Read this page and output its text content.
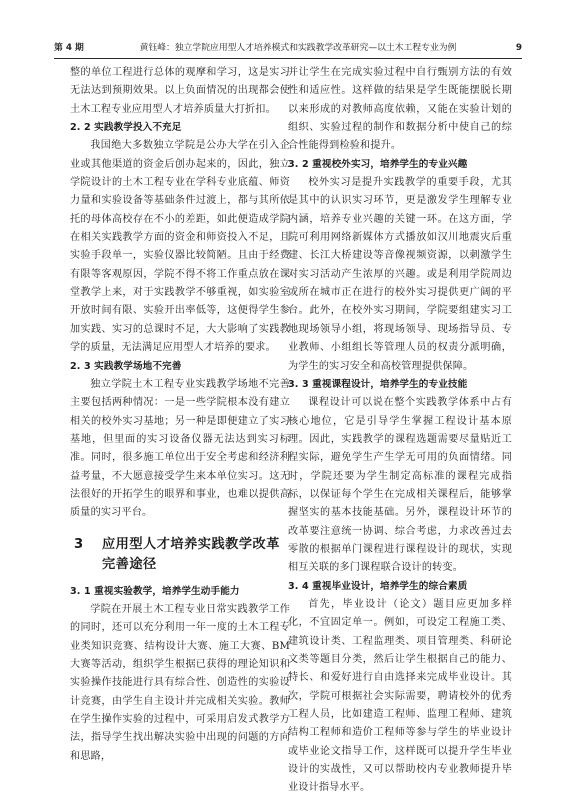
第 4 期	黄钰峰：独立学院应用型人才培养模式和实践教学改革研究—以土木工程专业为例	9

整的单位工程进行总体的观摩和学习，这是实习无法达到预期效果。以上负面情况的出现都会使土木工程专业应用型人才培养质量大打折扣。

2. 2 实践教学投入不充足

我国绝大多数独立学院是公办大学在引入企业或其他渠道的资金后创办起来的，因此，独立学院设计的土木工程专业在学科专业底蕴、师资力量和实验设备等基础条件过渡上，都与其所依托的母体高校存在不小的差距，如此便造成学院在相关实践教学方面的资金和师资投入不足，且实验手段单一，实验仪器比较简陋。且由于经费有限等客观原因，学院不得不将工作重点放在课堂教学上来，对于实践教学不够重视，如实验室开放时间有限、实验开出率低等，这便得学生参加实践、实习的总课时不足，大大影响了实践教学的质量，无法满足应用型人才培养的要求。

2. 3 实践教学场地不完善

独立学院土木工程专业实践教学场地不完善主要包括两种情况：一是一些学院根本没有建立相关的校外实习基地；另一种是即便建立了实习基地，但里面的实习设备仪器无法达到实习标准。同时，很多施工单位出于安全考虑和经济利益考量，不大愿意接受学生来本单位实习。这无法很好的开拓学生的眼界和事业，也难以提供高质量的实习平台。

3 应用型人才培养实践教学改革完善途径
3. 1 重视实验教学，培养学生动手能力

学院在开展土木工程专业日常实践教学工作的同时，还可以充分利用一年一度的土木工程专业类知识竞赛、结构设计大赛、施工大赛、BM 大赛等活动，组织学生根据已获得的理论知识和实验操作技能进行具有综合性、创造性的实验设计竞赛，由学生自主设计并完成相关实验。教师在学生操作实验的过程中，可采用启发式教学方法，指导学生找出解决实验中出现的问题的方向和思路，

并让学生在完成实验过程中自行甄别方法的有效性和适应性。这样做的结果是学生既能摆脱长期以来形成的对教师高度依赖，又能在实验计划的组织、实验过程的制作和数据分析中使自己的综合性能得到检验和提升。

3. 2 重视校外实习，培养学生的专业兴趣

校外实习是提升实践教学的重要手段，尤其是其中的认识实习环节，更是激发学生理解专业内涵，培养专业兴趣的关键一环。在这方面，学院可利用网络新媒体方式播放如汉川地震灾后重建、长江大桥建设等音像视频资源，以刺激学生对实习活动产生浓厚的兴趣。或是利用学院周边或所在城市正在进行的校外实习提供更广阔的平台。此外，在校外实习期间，学院要组建实习工地现场领导小组，将现场领导、现场指导员、专业教师、小组组长等管理人员的权责分派明确，为学生的实习安全和高校管理提供保障。

3. 3 重视课程设计，培养学生的专业技能

课程设计可以说在整个实践教学体系中占有核心地位，它是引导学生掌握工程设计基本原理。因此，实践教学的课程选题需要尽量贴近工程实际，避免学生产生学无可用的负面情绪。同时，学院还要为学生制定高标准的课程完成指标，以保证每个学生在完成相关课程后，能够掌握坚实的基本技能基础。另外，课程设计环节的改革要注意统一协调、综合考虑，力求改善过去零散的根据单门课程进行课程设计的现状，实现相互关联的多门课程联合设计的转变。

3. 4 重视毕业设计，培养学生的综合素质

首先，毕业设计（论文）题目应更加多样化，不宜固定单一。例如，可设定工程施工类、建筑设计类、工程监理类、项目管理类、科研论文类等题目分类，然后让学生根据自己的能力、特长、和爱好进行自由选择来完成毕业设计。其次，学院可根据社会实际需要，聘请校外的优秀工程人员，比如建造工程师、监理工程师、建筑结构工程师和造价工程师等参与学生的毕业设计或毕业论文指导工作，这样既可以提升学生毕业设计的实战性，又可以帮助校内专业教师提升毕业设计指导水平。
